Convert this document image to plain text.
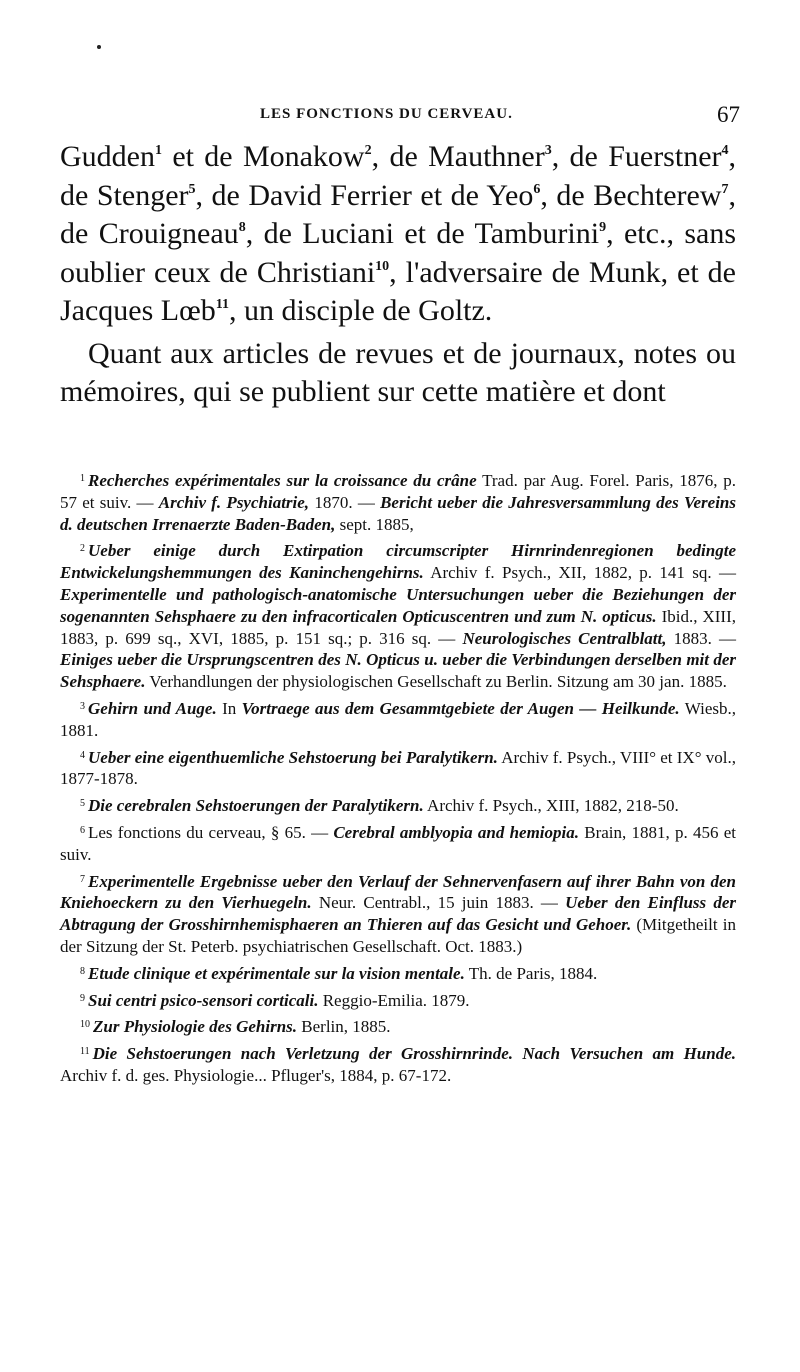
LES FONCTIONS DU CERVEAU.	67

Gudden$^1$ et de Monakow$^2$, de Mauthner$^3$, de Fuerstner$^4$, de Stenger$^5$, de David Ferrier et de Yeo$^6$, de Bechterew$^7$, de Crouigneau$^8$, de Luciani et de Tamburini$^9$, etc., sans oublier ceux de Christiani$^{10}$, l'adversaire de Munk, et de Jacques Lœb$^{11}$, un disciple de Goltz.

Quant aux articles de revues et de journaux, notes ou mémoires, qui se publient sur cette matière et dont

$^1$ Recherches expérimentales sur la croissance du crâne Trad. par Aug. Forel. Paris, 1876, p. 57 et suiv. — Archiv f. Psychiatrie, 1870. — Bericht ueber die Jahresversammlung des Vereins d. deutschen Irrenaerzte Baden-Baden, sept. 1885,

$^2$ Ueber einige durch Extirpation circumscripter Hirnrindenregionen bedingte Entwickelungshemmungen des Kaninchengehirns. Archiv f. Psych., XII, 1882, p. 141 sq. — Experimentelle und pathologisch-anatomische Untersuchungen ueber die Beziehungen der sogenannten Sehsphaere zu den infracorticalen Opticuscentren und zum N. opticus. Ibid., XIII, 1883, p. 699 sq., XVI, 1885, p. 151 sq.; p. 316 sq. — Neurologisches Centralblatt, 1883. — Einiges ueber die Ursprungscentren des N. Opticus u. ueber die Verbindungen derselben mit der Sehsphaere. Verhandlungen der physiologischen Gesellschaft zu Berlin. Sitzung am 30 jan. 1885.

$^3$ Gehirn und Auge. In Vortraege aus dem Gesammtgebiete der Augen — Heilkunde. Wiesb., 1881.

$^4$ Ueber eine eigenthuemliche Sehstoerung bei Paralytikern. Archiv f. Psych., VIII° et IX° vol., 1877-1878.

$^5$ Die cerebralen Sehstoerungen der Paralytikern. Archiv f. Psych., XIII, 1882, 218-50.

$^6$ Les fonctions du cerveau, § 65. — Cerebral amblyopia and hemiopia. Brain, 1881, p. 456 et suiv.

$^7$ Experimentelle Ergebnisse ueber den Verlauf der Sehnervenfasern auf ihrer Bahn von den Kniehoeckern zu den Vierhuegeln. Neur. Centrabl., 15 juin 1883. — Ueber den Einfluss der Abtragung der Grosshirnhemisphaeren an Thieren auf das Gesicht und Gehoer. (Mitgetheilt in der Sitzung der St. Peterb. psychiatrischen Gesellschaft. Oct. 1883.)

$^8$ Etude clinique et expérimentale sur la vision mentale. Th. de Paris, 1884.

$^9$ Sui centri psico-sensori corticali. Reggio-Emilia. 1879.

$^{10}$ Zur Physiologie des Gehirns. Berlin, 1885.

$^{11}$ Die Sehstoerungen nach Verletzung der Grosshirnrinde. Nach Versuchen am Hunde. Archiv f. d. ges. Physiologie... Pfluger's, 1884, p. 67-172.
